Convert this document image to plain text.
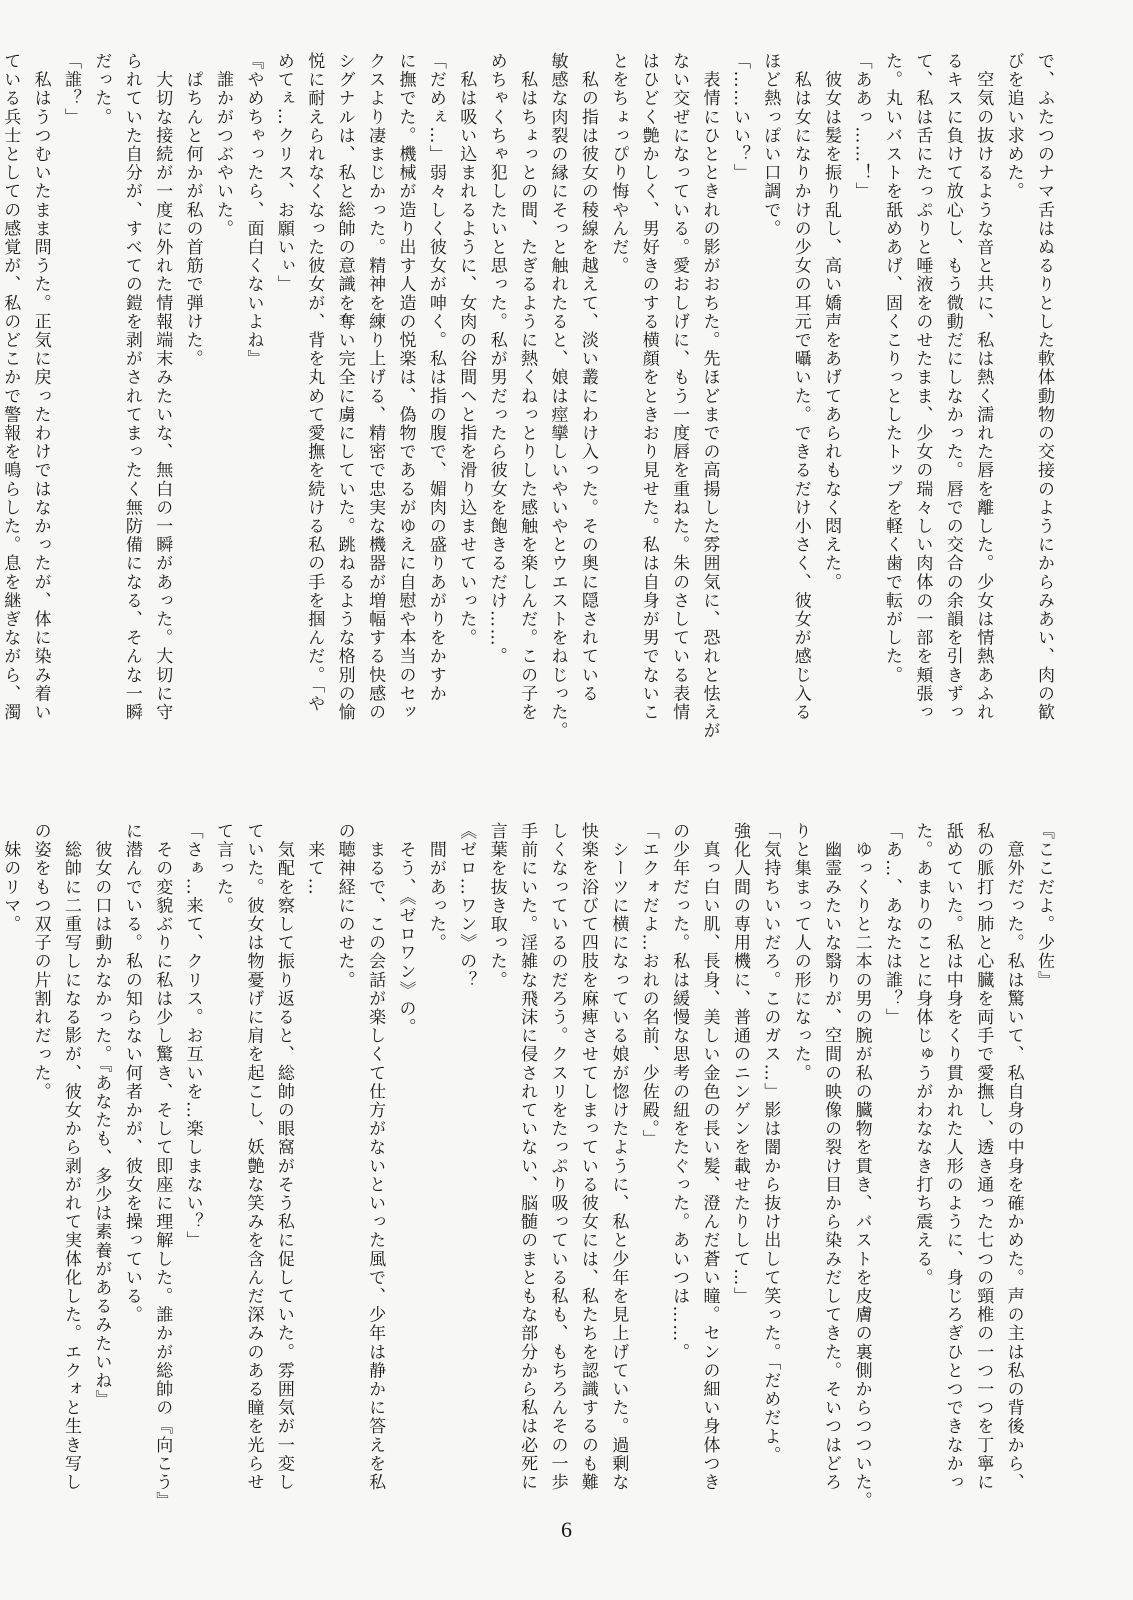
で、ふたつのナマ舌はぬるりとした軟体動物の交接のようにからみあい、肉の歓
びを追い求めた。
　空気の抜けるような音と共に、私は熱く濡れた唇を離した。少女は情熱あふれ
るキスに負けて放心し、もう微動だにしなかった。唇での交合の余韻を引きずっ
て、私は舌にたっぷりと唾液をのせたまま、少女の瑞々しい肉体の一部を頬張っ
た。丸いバストを舐めあげ、固くこりっとしたトップを軽く歯で転がした。
「ああっ……！」
　彼女は髪を振り乱し、高い嬌声をあげてあられもなく悶えた。
　私は女になりかけの少女の耳元で囁いた。できるだけ小さく、彼女が感じ入る
ほど熱っぽい口調で。
「……いい？」
　表情にひとときれの影がおちた。先ほどまでの高揚した雰囲気に、恐れと怯えが
ない交ぜになっている。愛おしげに、もう一度唇を重ねた。朱のさしている表情
はひどく艶かしく、男好きのする横顔をときおり見せた。私は自身が男でないこ
とをちょっぴり悔やんだ。
　私の指は彼女の稜線を越えて、淡い叢にわけ入った。その奥に隠されている
敏感な肉裂の縁にそっと触れたると、娘は痙攣しいやいやとウエストをねじった。
　私はちょっとの間、たぎるように熱くねっとりした感触を楽しんだ。この子を
めちゃくちゃ犯したいと思った。私が男だったら彼女を飽きるだけ……。
　私は吸い込まれるように、女肉の谷間へと指を滑り込ませていった。
「だめぇ…」弱々しく彼女が呻く。私は指の腹で、媚肉の盛りあがりをかすか
に撫でた。機械が造り出す人造の悦楽は、偽物であるがゆえに自慰や本当のセッ
クスより凄まじかった。精神を練り上げる、精密で忠実な機器が増幅する快感の
シグナルは、私と総帥の意識を奪い完全に虜にしていた。跳ねるような格別の愉
悦に耐えられなくなった彼女が、背を丸めて愛撫を続ける私の手を掴んだ。「や
めてぇ…クリス、お願いぃ」
『やめちゃったら、面白くないよね』
　誰かがつぶやいた。
　ぱちんと何かが私の首筋で弾けた。
　大切な接続が一度に外れた情報端末みたいな、無白の一瞬があった。大切に守
られていた自分が、すべての鎧を剥がされてまったく無防備になる、そんな一瞬
だった。
「誰？」
　私はうつむいたまま問うた。正気に戻ったわけではなかったが、体に染み着い
ている兵士としての感覚が、私のどこかで警報を鳴らした。息を継ぎながら、濁
『ここだよ。少佐』
　意外だった。私は驚いて、私自身の中身を確かめた。声の主は私の背後から、
私の脈打つ肺と心臓を両手で愛撫し、透き通った七つの頸椎の一つ一つを丁寧に
舐めていた。私は中身をくり貫かれた人形のように、身じろぎひとつできなかっ
た。あまりのことに身体じゅうがわななき打ち震える。
「あ…、あなたは誰？」
　ゆっくりと二本の男の腕が私の臓物を貫き、バストを皮膚の裏側からつついた。
　幽霊みたいな翳りが、空間の映像の裂け目から染みだしてきた。そいつはどろ
りと集まって人の形になった。
「気持ちいいだろ。このガス…」影は闇から抜け出して笑った。「だめだよ。
強化人間の専用機に、普通のニンゲンを載せたりして…」
　真っ白い肌、長身、美しい金色の長い髪、澄んだ蒼い瞳。センの細い身体つき
の少年だった。私は緩慢な思考の紐をたぐった。あいつは……。
「エクォだよ…おれの名前、少佐殿。」
　シーツに横になっている娘が惚けたように、私と少年を見上げていた。過剰な
快楽を浴びて四肢を麻痺させてしまっている彼女には、私たちを認識するのも難
しくなっているのだろう。クスリをたっぷり吸っている私も、もちろんその一歩
手前にいた。淫雑な飛沫に侵されていない、脳髄のまともな部分から私は必死に
言葉を抜き取った。
《ゼロ…ワン》の？
　間があった。
　そう、《ゼロワン》の。
　まるで、この会話が楽しくて仕方がないといった風で、少年は静かに答えを私
の聴神経にのせた。
　来て…
　気配を察して振り返ると、総帥の眼窩がそう私に促していた。雰囲気が一変し
ていた。彼女は物憂げに肩を起こし、妖艶な笑みを含んだ深みのある瞳を光らせ
て言った。
「さぁ…来て、クリス。お互いを…楽しまない？」
　その変貌ぶりに私は少し驚き、そして即座に理解した。誰かが総帥の『向こう』
に潜んでいる。私の知らない何者かが、彼女を操っている。
　彼女の口は動かなかった。『あなたも、多少は素養があるみたいね』
　総帥に二重写しになる影が、彼女から剥がれて実体化した。エクォと生き写し
の姿をもつ双子の片割れだった。
　妹のリマ。
6
